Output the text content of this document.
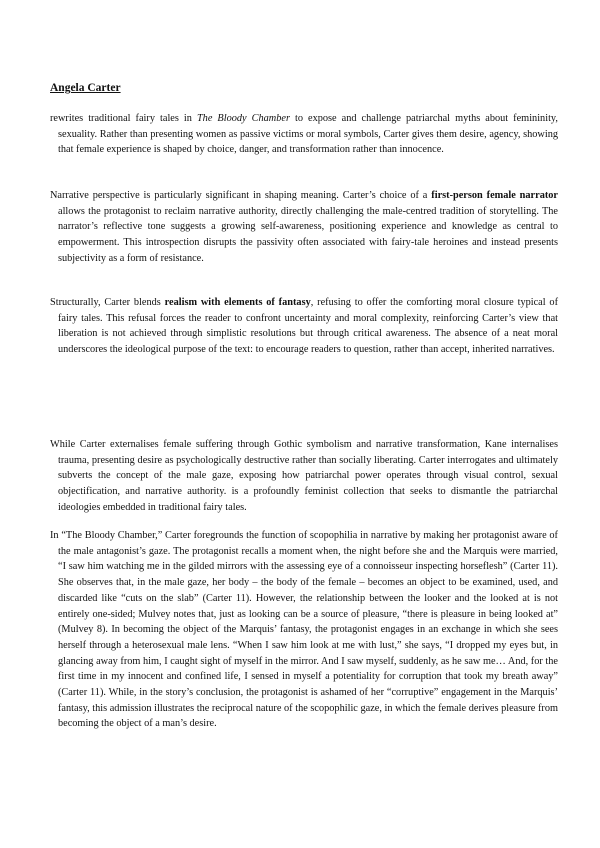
Angela Carter

rewrites traditional fairy tales in The Bloody Chamber to expose and challenge patriarchal myths about femininity, sexuality. Rather than presenting women as passive victims or moral symbols, Carter gives them desire, agency, showing that female experience is shaped by choice, danger, and transformation rather than innocence.

Narrative perspective is particularly significant in shaping meaning. Carter’s choice of a first-person female narrator allows the protagonist to reclaim narrative authority, directly challenging the male-centred tradition of storytelling. The narrator’s reflective tone suggests a growing self-awareness, positioning experience and knowledge as central to empowerment. This introspection disrupts the passivity often associated with fairy-tale heroines and instead presents subjectivity as a form of resistance.

Structurally, Carter blends realism with elements of fantasy, refusing to offer the comforting moral closure typical of fairy tales. This refusal forces the reader to confront uncertainty and moral complexity, reinforcing Carter’s view that liberation is not achieved through simplistic resolutions but through critical awareness. The absence of a neat moral underscores the ideological purpose of the text: to encourage readers to question, rather than accept, inherited narratives.

While Carter externalises female suffering through Gothic symbolism and narrative transformation, Kane internalises trauma, presenting desire as psychologically destructive rather than socially liberating. Carter interrogates and ultimately subverts the concept of the male gaze, exposing how patriarchal power operates through visual control, sexual objectification, and narrative authority. is a profoundly feminist collection that seeks to dismantle the patriarchal ideologies embedded in traditional fairy tales.

In “The Bloody Chamber,” Carter foregrounds the function of scopophilia in narrative by making her protagonist aware of the male antagonist’s gaze. The protagonist recalls a moment when, the night before she and the Marquis were married, “I saw him watching me in the gilded mirrors with the assessing eye of a connoisseur inspecting horseflesh” (Carter 11). She observes that, in the male gaze, her body – the body of the female – becomes an object to be examined, used, and discarded like “cuts on the slab” (Carter 11). However, the relationship between the looker and the looked at is not entirely one-sided; Mulvey notes that, just as looking can be a source of pleasure, “there is pleasure in being looked at” (Mulvey 8). In becoming the object of the Marquis’ fantasy, the protagonist engages in an exchange in which she sees herself through a heterosexual male lens. “When I saw him look at me with lust,” she says, “I dropped my eyes but, in glancing away from him, I caught sight of myself in the mirror. And I saw myself, suddenly, as he saw me… And, for the first time in my innocent and confined life, I sensed in myself a potentiality for corruption that took my breath away” (Carter 11). While, in the story’s conclusion, the protagonist is ashamed of her “corruptive” engagement in the Marquis’ fantasy, this admission illustrates the reciprocal nature of the scopophilic gaze, in which the female derives pleasure from becoming the object of a man’s desire.
